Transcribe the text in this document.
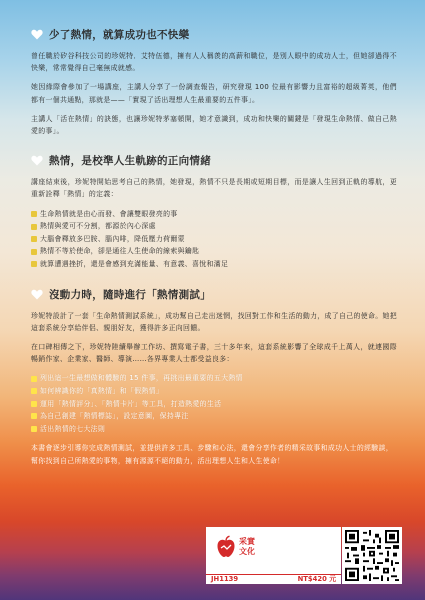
少了熱情，就算成功也不快樂

曾任職於矽谷科技公司的珍妮特．艾特伍德，擁有人人稱羨的高薪和職位，是別人眼中的成功人士，但她卻過得不快樂，常常覺得自己毫無成就感。

她因緣際會參加了一場講座，主講人分享了一份調查報告，研究發現 100 位最有影響力且富裕的超級菁英，他們都有一個共通點，那就是——「實現了活出理想人生最重要的五件事」。

主講人「活在熱情」的訣態，也讓珍妮特茅塞頓開，她才意識到，成功和快樂的關鍵是「發現生命熱情、做自己熱愛的事」。

熱情，是校準人生軌跡的正向情緒

講座結束後，珍妮特開始思考自己的熱情，她發現，熱情不只是長期或短期目標，而是讓人生回到正軌的導航，更重新詮釋「熱情」的定義：

生命熱情就是由心而發、會讓雙眼發亮的事
熱情與愛可不分割，都源於內心深處
大腦會釋放多巴胺、腦內啡，降低壓力荷爾蒙
熱情不等於使命，卻是通往人生使命的線索與鑰匙
就算遭遇挫折，還是會感到充滿能量、有意義、喜悅和滿足
沒動力時，隨時進行「熱情測試」

珍妮特設計了一套「生命熱情測試系統」，成功幫自己走出迷惘，找回對工作和生活的動力，成了自己的使命。她把這套系統分享給伴侶、親朋好友，獲得許多正向回饋。

在口碑相傳之下，珍妮特陸續舉辦工作坊、撰寫電子書，三十多年來，這套系統影響了全球成千上萬人，就連國際暢銷作家、企業家、醫師、導演……各界專業人士都受益良多：

列出這一生最想做和體驗的 15 件事，再挑出最重要的五大熱情
如何辨識你的「真熱情」和「假熱情」
運用「熱情評分」、「熱情卡片」等工具，打造熱愛的生活
為自己創建「熱情標誌」，設定意圖，保持專注
活出熱情的七大法則

本書會逐步引導你完成熱情測試，並提供許多工具、步驟和心法，還會分享作者的精采故事和成功人士的經驗談，幫你找到自己所熱愛的事物，擁有源源不絕的動力，活出理想人生和人生使命！

采實
文化
JH1139	NT$420 元
